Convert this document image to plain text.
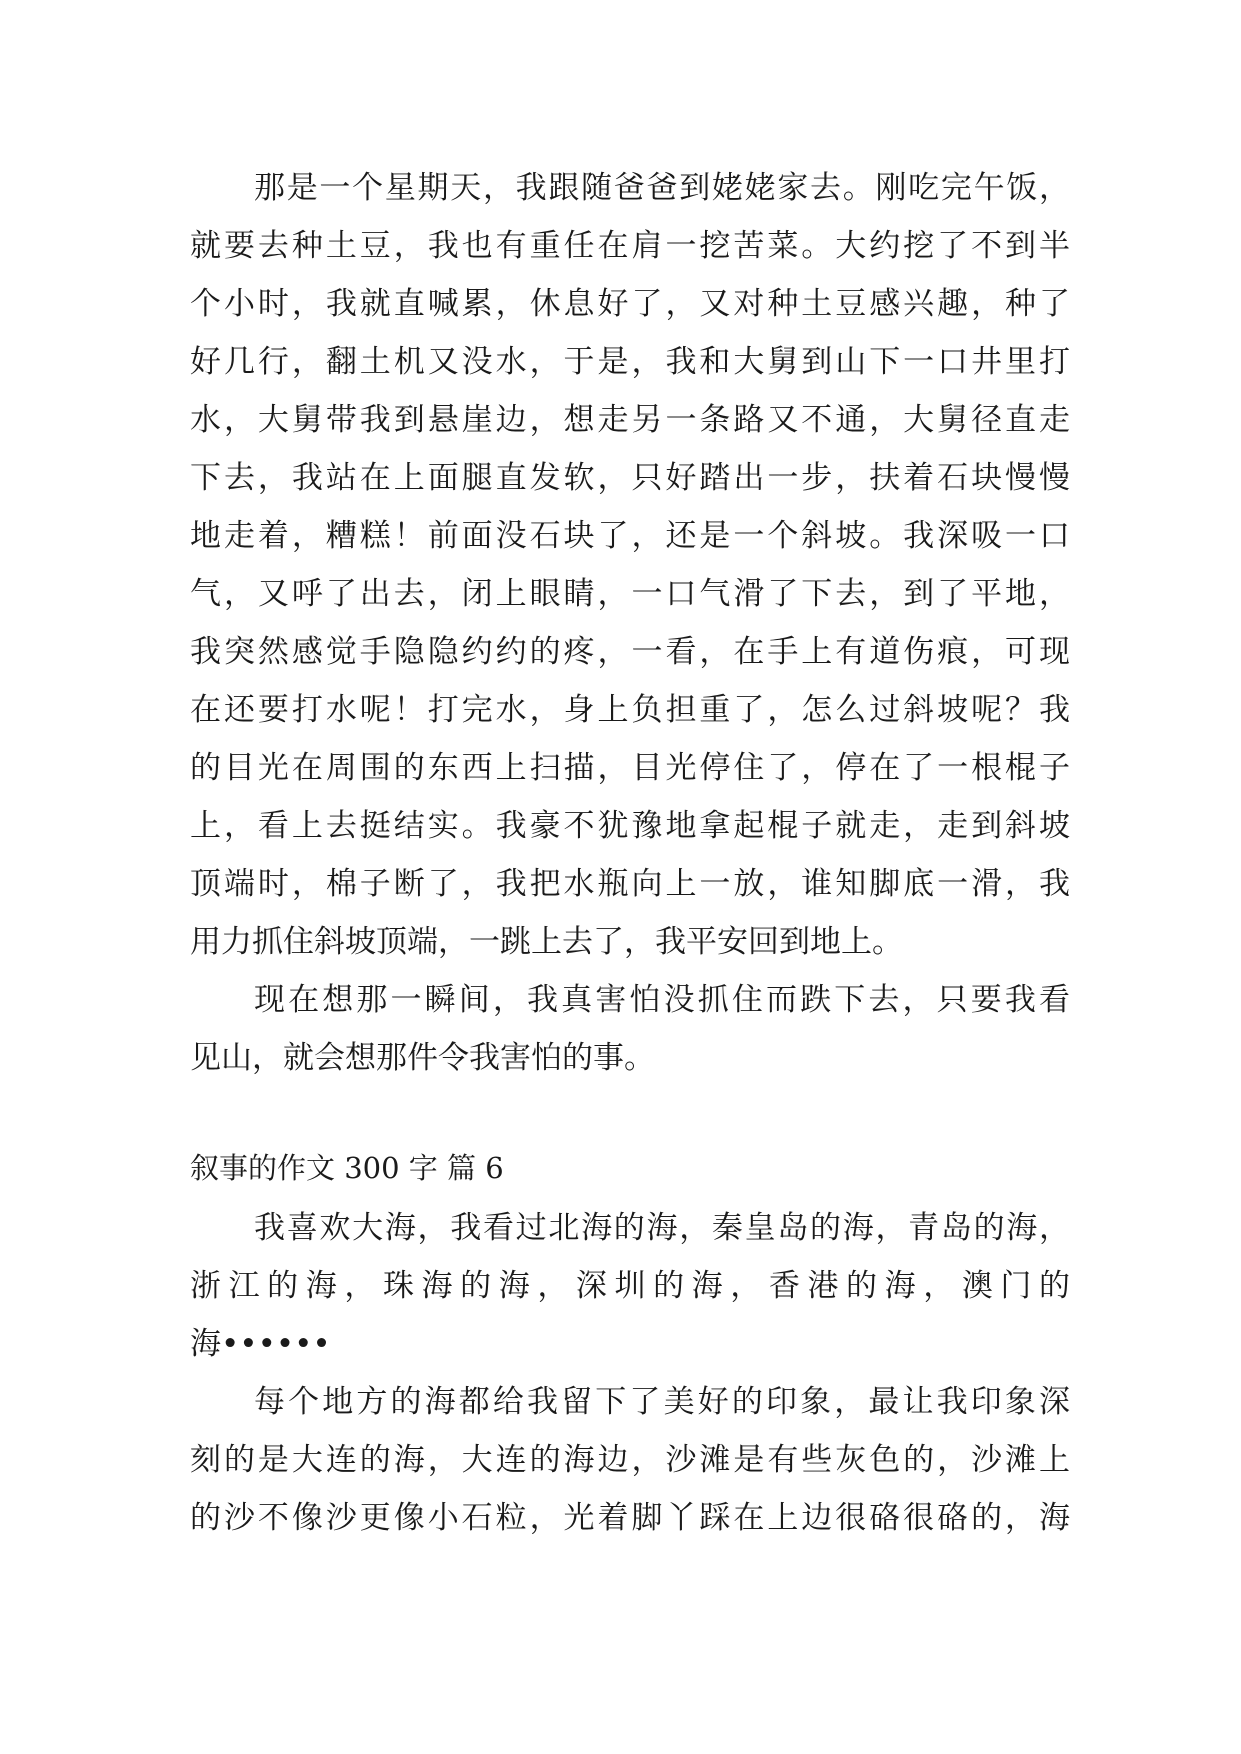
那是一个星期天，我跟随爸爸到姥姥家去。刚吃完午饭，
就要去种土豆，我也有重任在肩一挖苦菜。大约挖了不到半
个小时，我就直喊累，休息好了，又对种土豆感兴趣，种了
好几行，翻土机又没水，于是，我和大舅到山下一口井里打
水，大舅带我到悬崖边，想走另一条路又不通，大舅径直走
下去，我站在上面腿直发软，只好踏出一步，扶着石块慢慢
地走着，糟糕！前面没石块了，还是一个斜坡。我深吸一口
气，又呼了出去，闭上眼睛，一口气滑了下去，到了平地，
我突然感觉手隐隐约约的疼，一看，在手上有道伤痕，可现
在还要打水呢！打完水，身上负担重了，怎么过斜坡呢？我
的目光在周围的东西上扫描，目光停住了，停在了一根棍子
上，看上去挺结实。我豪不犹豫地拿起棍子就走，走到斜坡
顶端时，棉子断了，我把水瓶向上一放，谁知脚底一滑，我
用力抓住斜坡顶端，一跳上去了，我平安回到地上。
现在想那一瞬间，我真害怕没抓住而跌下去，只要我看
见山，就会想那件令我害怕的事。
叙事的作文 300 字 篇 6
我喜欢大海，我看过北海的海，秦皇岛的海，青岛的海，
浙江的海，珠海的海，深圳的海，香港的海，澳门的
海••••••
每个地方的海都给我留下了美好的印象，最让我印象深
刻的是大连的海，大连的海边，沙滩是有些灰色的，沙滩上
的沙不像沙更像小石粒，光着脚丫踩在上边很硌很硌的，海
